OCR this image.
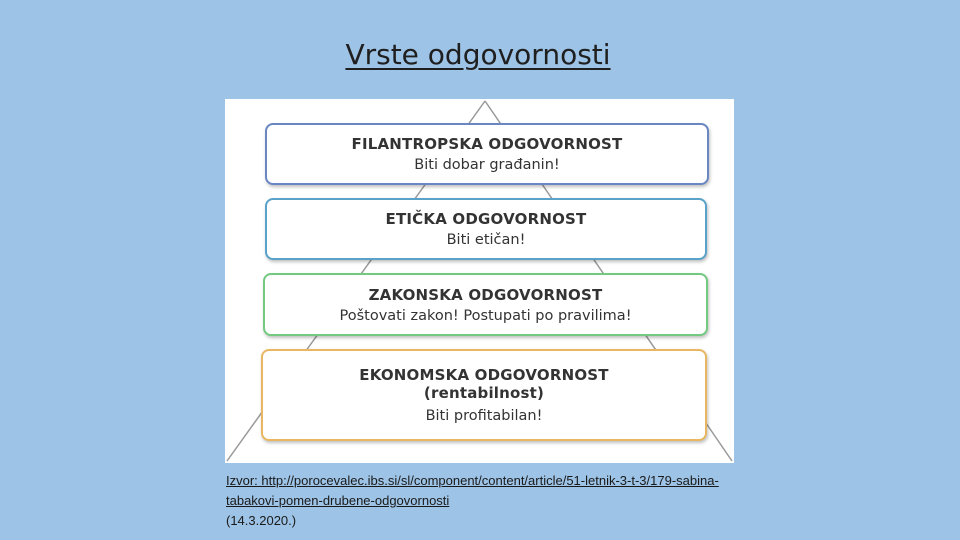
Vrste odgovornosti
FILANTROPSKA ODGOVORNOST
Biti dobar građanin!
ETIČKA ODGOVORNOST
Biti etičan!
ZAKONSKA ODGOVORNOST
Poštovati zakon! Postupati po pravilima!
EKONOMSKA ODGOVORNOST
(rentabilnost)
Biti profitabilan!
Izvor: http://porocevalec.ibs.si/sl/component/content/article/51-letnik-3-t-3/179-sabina-tabakovi-pomen-drubene-odgovornosti
(14.3.2020.)
